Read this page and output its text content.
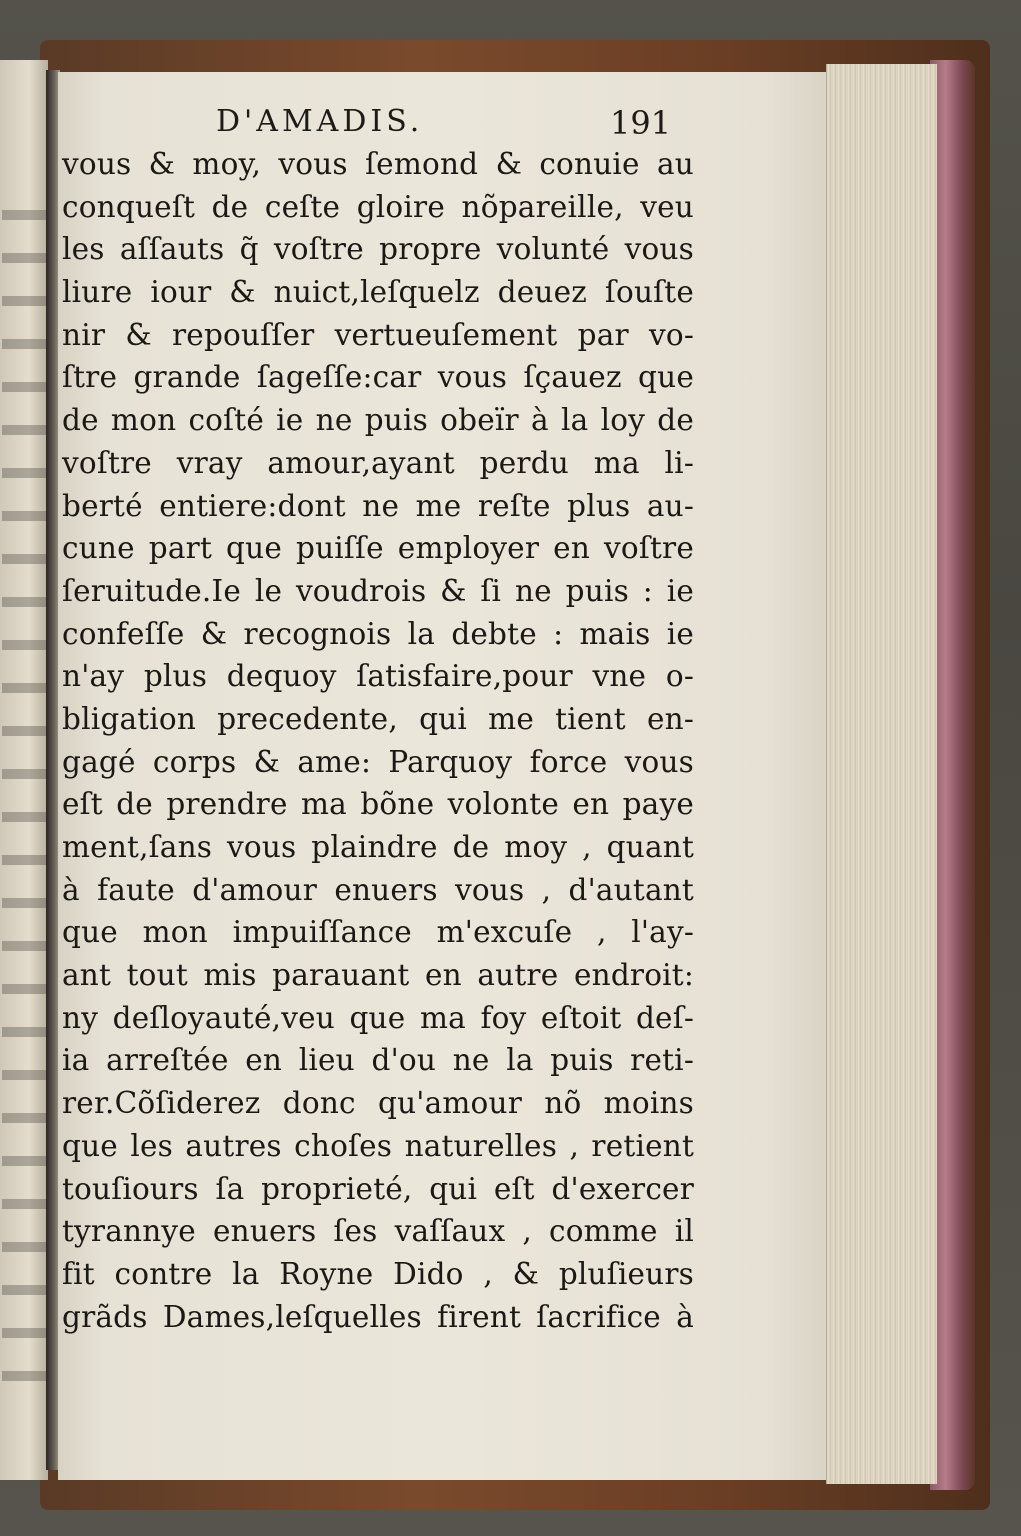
D'AMADIS.	191
vous & moy, vous ſemond & conuie au
conqueſt de ceſte gloire nõpareille, veu
les aſſauts q̃ voſtre propre volunté vous
liure iour & nuict,leſquelz deuez ſouſte
nir & repouſſer vertueuſement par vo-
ſtre grande ſageſſe:car vous ſçauez que
de mon coſté ie ne puis obeïr à la loy de
voſtre vray amour,ayant perdu ma li-
berté entiere:dont ne me reſte plus au-
cune part que puiſſe employer en voſtre
ſeruitude.Ie le voudrois & ſi ne puis : ie
confeſſe & recognois la debte : mais ie
n'ay plus dequoy ſatisfaire,pour vne o-
bligation precedente, qui me tient en-
gagé corps & ame: Parquoy force vous
eſt de prendre ma bõne volonte en paye
ment,ſans vous plaindre de moy , quant
à faute d'amour enuers vous , d'autant
que mon impuiſſance m'excuſe , l'ay-
ant tout mis parauant en autre endroit:
ny deſloyauté,veu que ma foy eſtoit deſ-
ia arreſtée en lieu d'ou ne la puis reti-
rer.Cõſiderez donc qu'amour nõ moins
que les autres choſes naturelles , retient
touſiours ſa proprieté, qui eſt d'exercer
tyrannye enuers ſes vaſſaux , comme il
fit contre la Royne Dido , & pluſieurs
grãds Dames,leſquelles firent ſacrifice à
